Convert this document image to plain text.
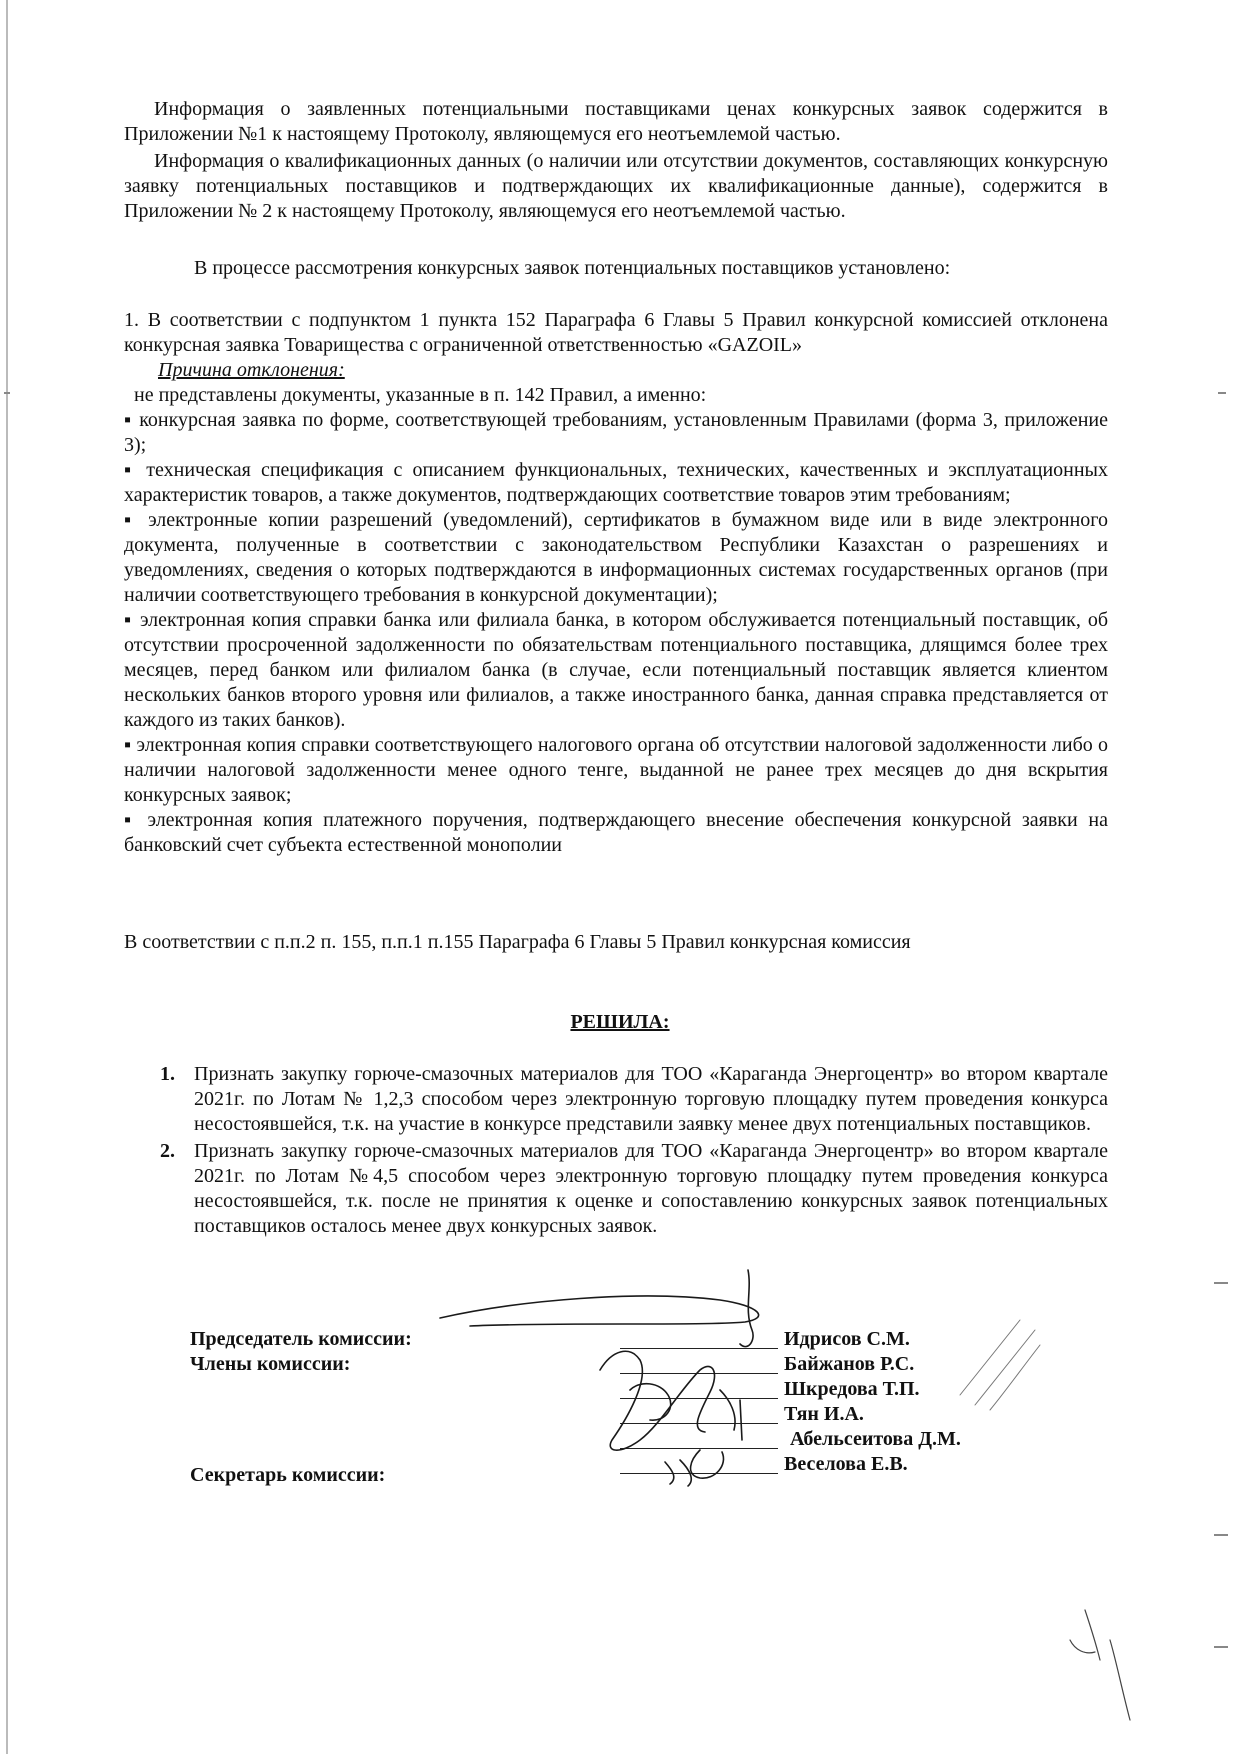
Информация о заявленных потенциальными поставщиками ценах конкурсных заявок содержится в Приложении №1 к настоящему Протоколу, являющемуся его неотъемлемой частью.

Информация о квалификационных данных (о наличии или отсутствии документов, составляющих конкурсную заявку потенциальных поставщиков и подтверждающих их квалификационные данные), содержится в Приложении № 2 к настоящему Протоколу, являющемуся его неотъемлемой частью.

В процессе рассмотрения конкурсных заявок потенциальных поставщиков установлено:

1. В соответствии с подпунктом 1 пункта 152 Параграфа 6 Главы 5 Правил конкурсной комиссией отклонена конкурсная заявка Товарищества с ограниченной ответственностью «GAZOIL»

Причина отклонения:

не представлены документы, указанные в п. 142 Правил, а именно:

▪ конкурсная заявка по форме, соответствующей требованиям, установленным Правилами (форма 3, приложение 3);

▪ техническая спецификация с описанием функциональных, технических, качественных и эксплуатационных характеристик товаров, а также документов, подтверждающих соответствие товаров этим требованиям;

▪ электронные копии разрешений (уведомлений), сертификатов в бумажном виде или в виде электронного документа, полученные в соответствии с законодательством Республики Казахстан о разрешениях и уведомлениях, сведения о которых подтверждаются в информационных системах государственных органов (при наличии соответствующего требования в конкурсной документации);

▪ электронная копия справки банка или филиала банка, в котором обслуживается потенциальный поставщик, об отсутствии просроченной задолженности по обязательствам потенциального поставщика, длящимся более трех месяцев, перед банком или филиалом банка (в случае, если потенциальный поставщик является клиентом нескольких банков второго уровня или филиалов, а также иностранного банка, данная справка представляется от каждого из таких банков).

▪ электронная копия справки соответствующего налогового органа об отсутствии налоговой задолженности либо о наличии налоговой задолженности менее одного тенге, выданной не ранее трех месяцев до дня вскрытия конкурсных заявок;

▪ электронная копия платежного поручения, подтверждающего внесение обеспечения конкурсной заявки на банковский счет субъекта естественной монополии

В соответствии с п.п.2 п. 155, п.п.1 п.155 Параграфа 6 Главы 5 Правил конкурсная комиссия

РЕШИЛА:
1. Признать закупку горюче-смазочных материалов для ТОО «Караганда Энергоцентр» во втором квартале 2021г. по Лотам № 1,2,3 способом через электронную торговую площадку путем проведения конкурса несостоявшейся, т.к. на участие в конкурсе представили заявку менее двух потенциальных поставщиков.
2. Признать закупку горюче-смазочных материалов для ТОО «Караганда Энергоцентр» во втором квартале 2021г. по Лотам №4,5 способом через электронную торговую площадку путем проведения конкурса несостоявшейся, т.к. после не принятия к оценке и сопоставлению конкурсных заявок потенциальных поставщиков осталось менее двух конкурсных заявок.
Председатель комиссии:
Члены комиссии:
Секретарь комиссии:
Идрисов С.М.
Байжанов Р.С.
Шкредова Т.П.
Тян И.А.
Абельсеитова Д.М.
Веселова Е.В.
